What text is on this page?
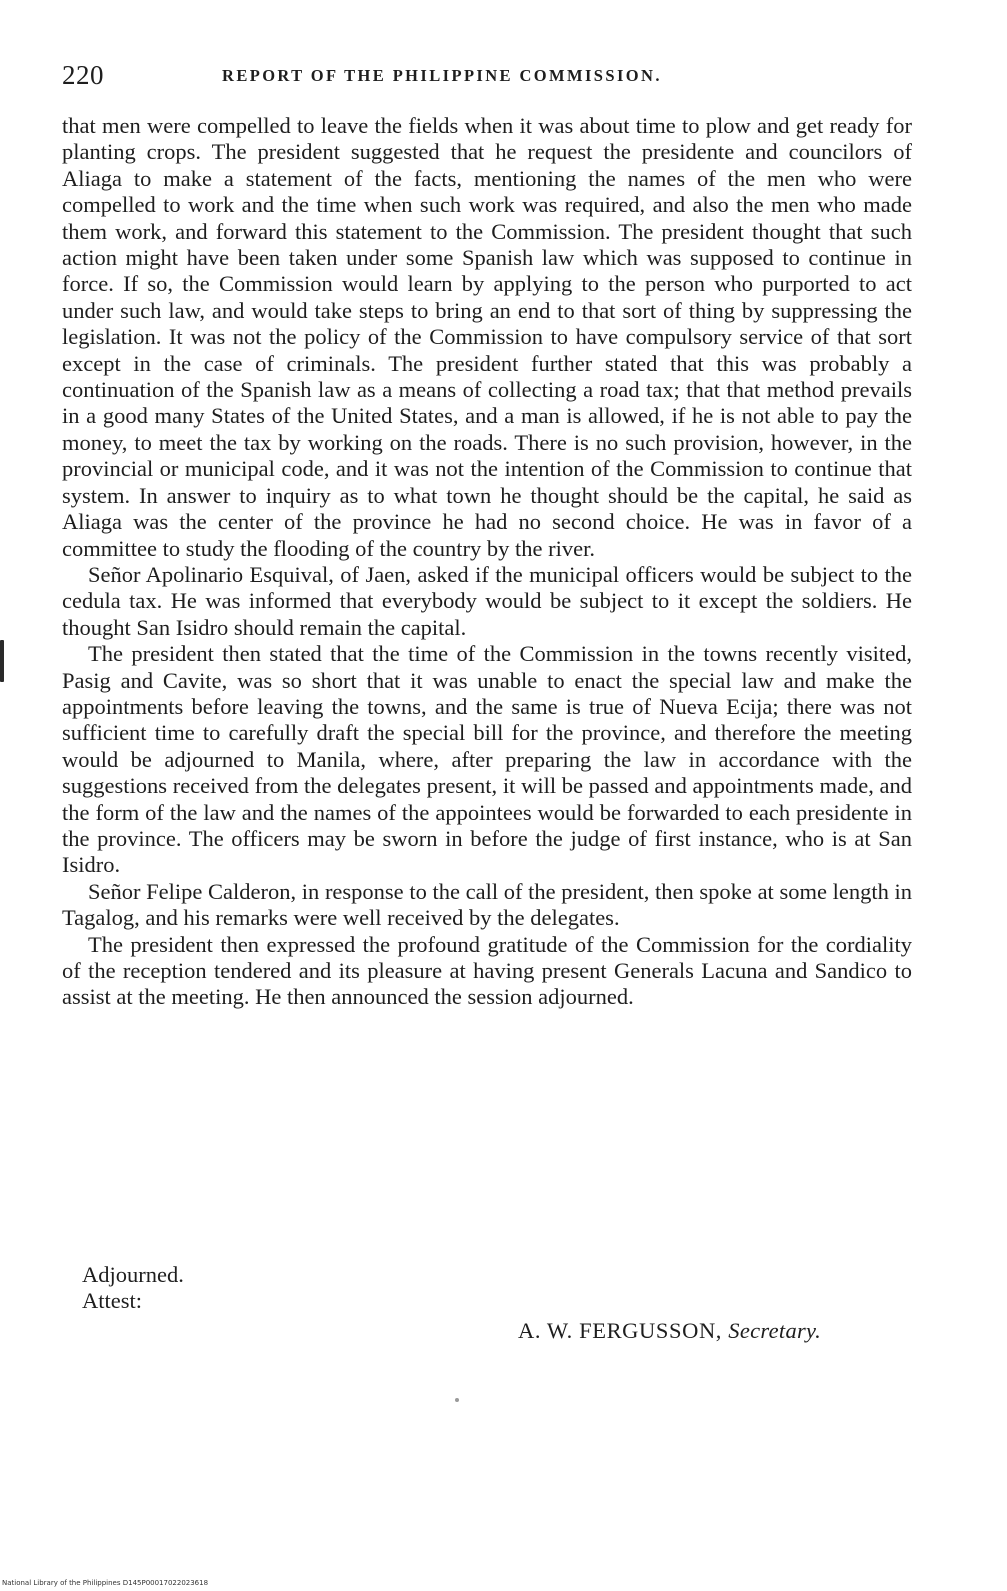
220	REPORT OF THE PHILIPPINE COMMISSION.

that men were compelled to leave the fields when it was about time to plow and get ready for planting crops. The president suggested that he request the presidente and councilors of Aliaga to make a statement of the facts, mentioning the names of the men who were compelled to work and the time when such work was required, and also the men who made them work, and forward this statement to the Commission. The president thought that such action might have been taken under some Spanish law which was supposed to continue in force. If so, the Commission would learn by applying to the person who purported to act under such law, and would take steps to bring an end to that sort of thing by suppressing the legislation. It was not the policy of the Commission to have compulsory service of that sort except in the case of criminals. The president further stated that this was probably a continuation of the Spanish law as a means of collecting a road tax; that that method prevails in a good many States of the United States, and a man is allowed, if he is not able to pay the money, to meet the tax by working on the roads. There is no such provision, however, in the provincial or municipal code, and it was not the intention of the Commission to continue that system. In answer to inquiry as to what town he thought should be the capital, he said as Aliaga was the center of the province he had no second choice. He was in favor of a committee to study the flooding of the country by the river.

Señor Apolinario Esquival, of Jaen, asked if the municipal officers would be subject to the cedula tax. He was informed that everybody would be subject to it except the soldiers. He thought San Isidro should remain the capital.

The president then stated that the time of the Commission in the towns recently visited, Pasig and Cavite, was so short that it was unable to enact the special law and make the appointments before leaving the towns, and the same is true of Nueva Ecija; there was not sufficient time to carefully draft the special bill for the province, and therefore the meeting would be adjourned to Manila, where, after preparing the law in accordance with the suggestions received from the delegates present, it will be passed and appointments made, and the form of the law and the names of the appointees would be forwarded to each presidente in the province. The officers may be sworn in before the judge of first instance, who is at San Isidro.

Señor Felipe Calderon, in response to the call of the president, then spoke at some length in Tagalog, and his remarks were well received by the delegates.

The president then expressed the profound gratitude of the Commission for the cordiality of the reception tendered and its pleasure at having present Generals Lacuna and Sandico to assist at the meeting. He then announced the session adjourned.

Adjourned.
Attest:
A. W. FERGUSSON, Secretary.
National Library of the Philippines D145P00017022023618
